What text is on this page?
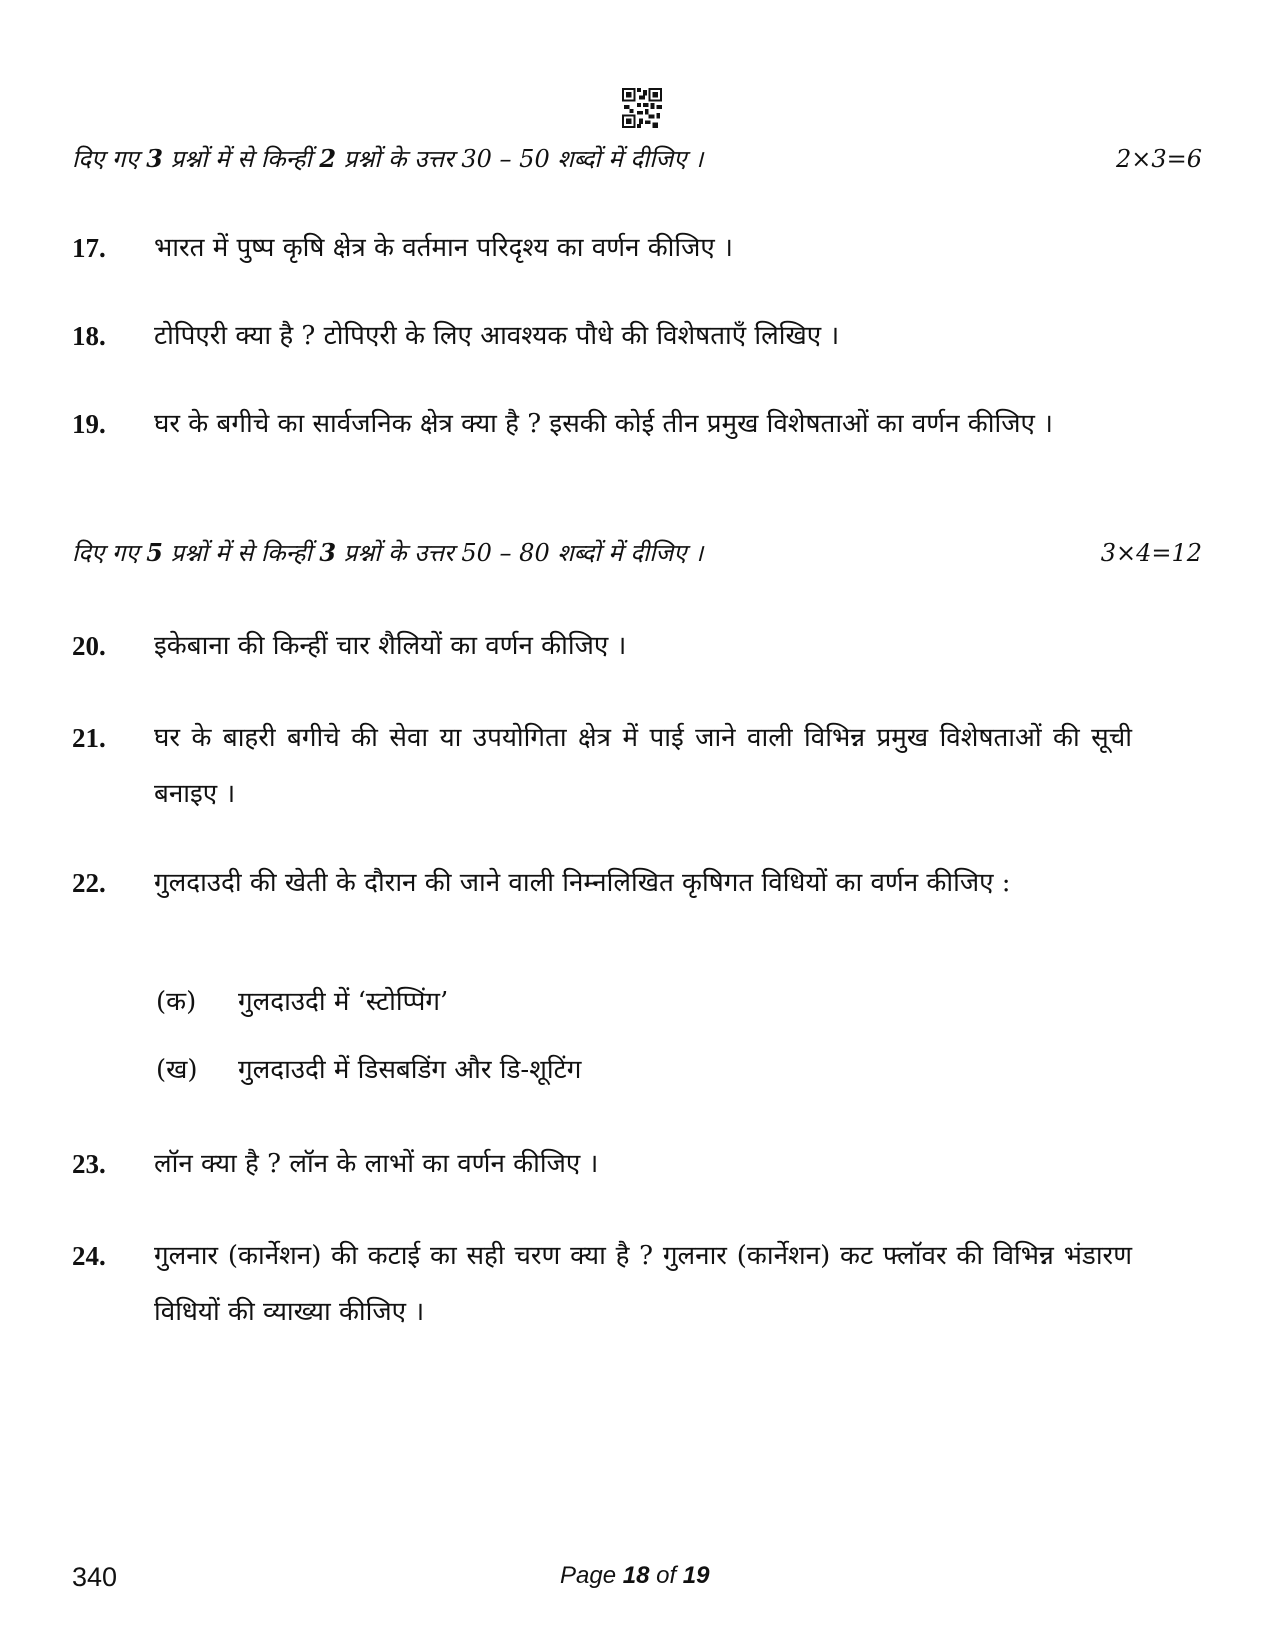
दिए गए 3 प्रश्नों में से किन्हीं 2 प्रश्नों के उत्तर 30 – 50 शब्दों में दीजिए ।	2×3=6
17. भारत में पुष्प कृषि क्षेत्र के वर्तमान परिदृश्य का वर्णन कीजिए ।
18. टोपिएरी क्या है ? टोपिएरी के लिए आवश्यक पौधे की विशेषताएँ लिखिए ।
19. घर के बगीचे का सार्वजनिक क्षेत्र क्या है ? इसकी कोई तीन प्रमुख विशेषताओं का वर्णन कीजिए ।
दिए गए 5 प्रश्नों में से किन्हीं 3 प्रश्नों के उत्तर 50 – 80 शब्दों में दीजिए ।	3×4=12
20. इकेबाना की किन्हीं चार शैलियों का वर्णन कीजिए ।
21. घर के बाहरी बगीचे की सेवा या उपयोगिता क्षेत्र में पाई जाने वाली विभिन्न प्रमुख विशेषताओं की सूची बनाइए ।
22. गुलदाउदी की खेती के दौरान की जाने वाली निम्नलिखित कृषिगत विधियों का वर्णन कीजिए :
(क) गुलदाउदी में ‘स्टोप्पिंग’
(ख) गुलदाउदी में डिसबडिंग और डि-शूटिंग
23. लॉन क्या है ? लॉन के लाभों का वर्णन कीजिए ।
24. गुलनार (कार्नेशन) की कटाई का सही चरण क्या है ? गुलनार (कार्नेशन) कट फ्लॉवर की विभिन्न भंडारण विधियों की व्याख्या कीजिए ।
340	Page 18 of 19
